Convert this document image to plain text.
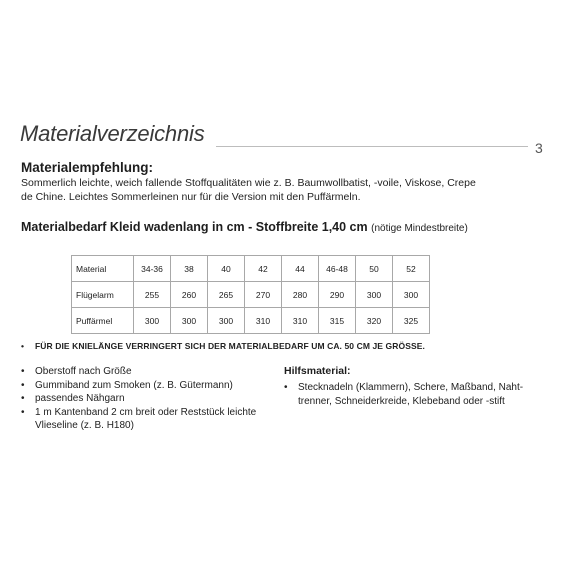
Materialverzeichnis
3
Materialempfehlung:
Sommerlich leichte, weich fallende Stoffqualitäten wie z. B. Baumwollbatist, -voile, Viskose, Crepe
de Chine. Leichtes Sommerleinen nur für die Version mit den Puffärmeln.
Materialbedarf Kleid wadenlang in cm - Stoffbreite 1,40 cm (nötige Mindestbreite)
Material	34-36	38	40	42	44	46-48	50	52
Flügelarm	255	260	265	270	280	290	300	300
Puffärmel	300	300	300	310	310	315	320	325
• FÜR DIE KNIELÄNGE VERRINGERT SICH DER MATERIALBEDARF UM CA. 50 CM JE GRÖSSE.
• Oberstoff nach Größe
• Gummiband zum Smoken (z. B. Gütermann)
• passendes Nähgarn
• 1 m Kantenband 2 cm breit oder Reststück leichte Vlieseline (z. B. H180)
Hilfsmaterial:
• Stecknadeln (Klammern), Schere, Maßband, Naht-trenner, Schneiderkreide, Klebeband oder -stift
